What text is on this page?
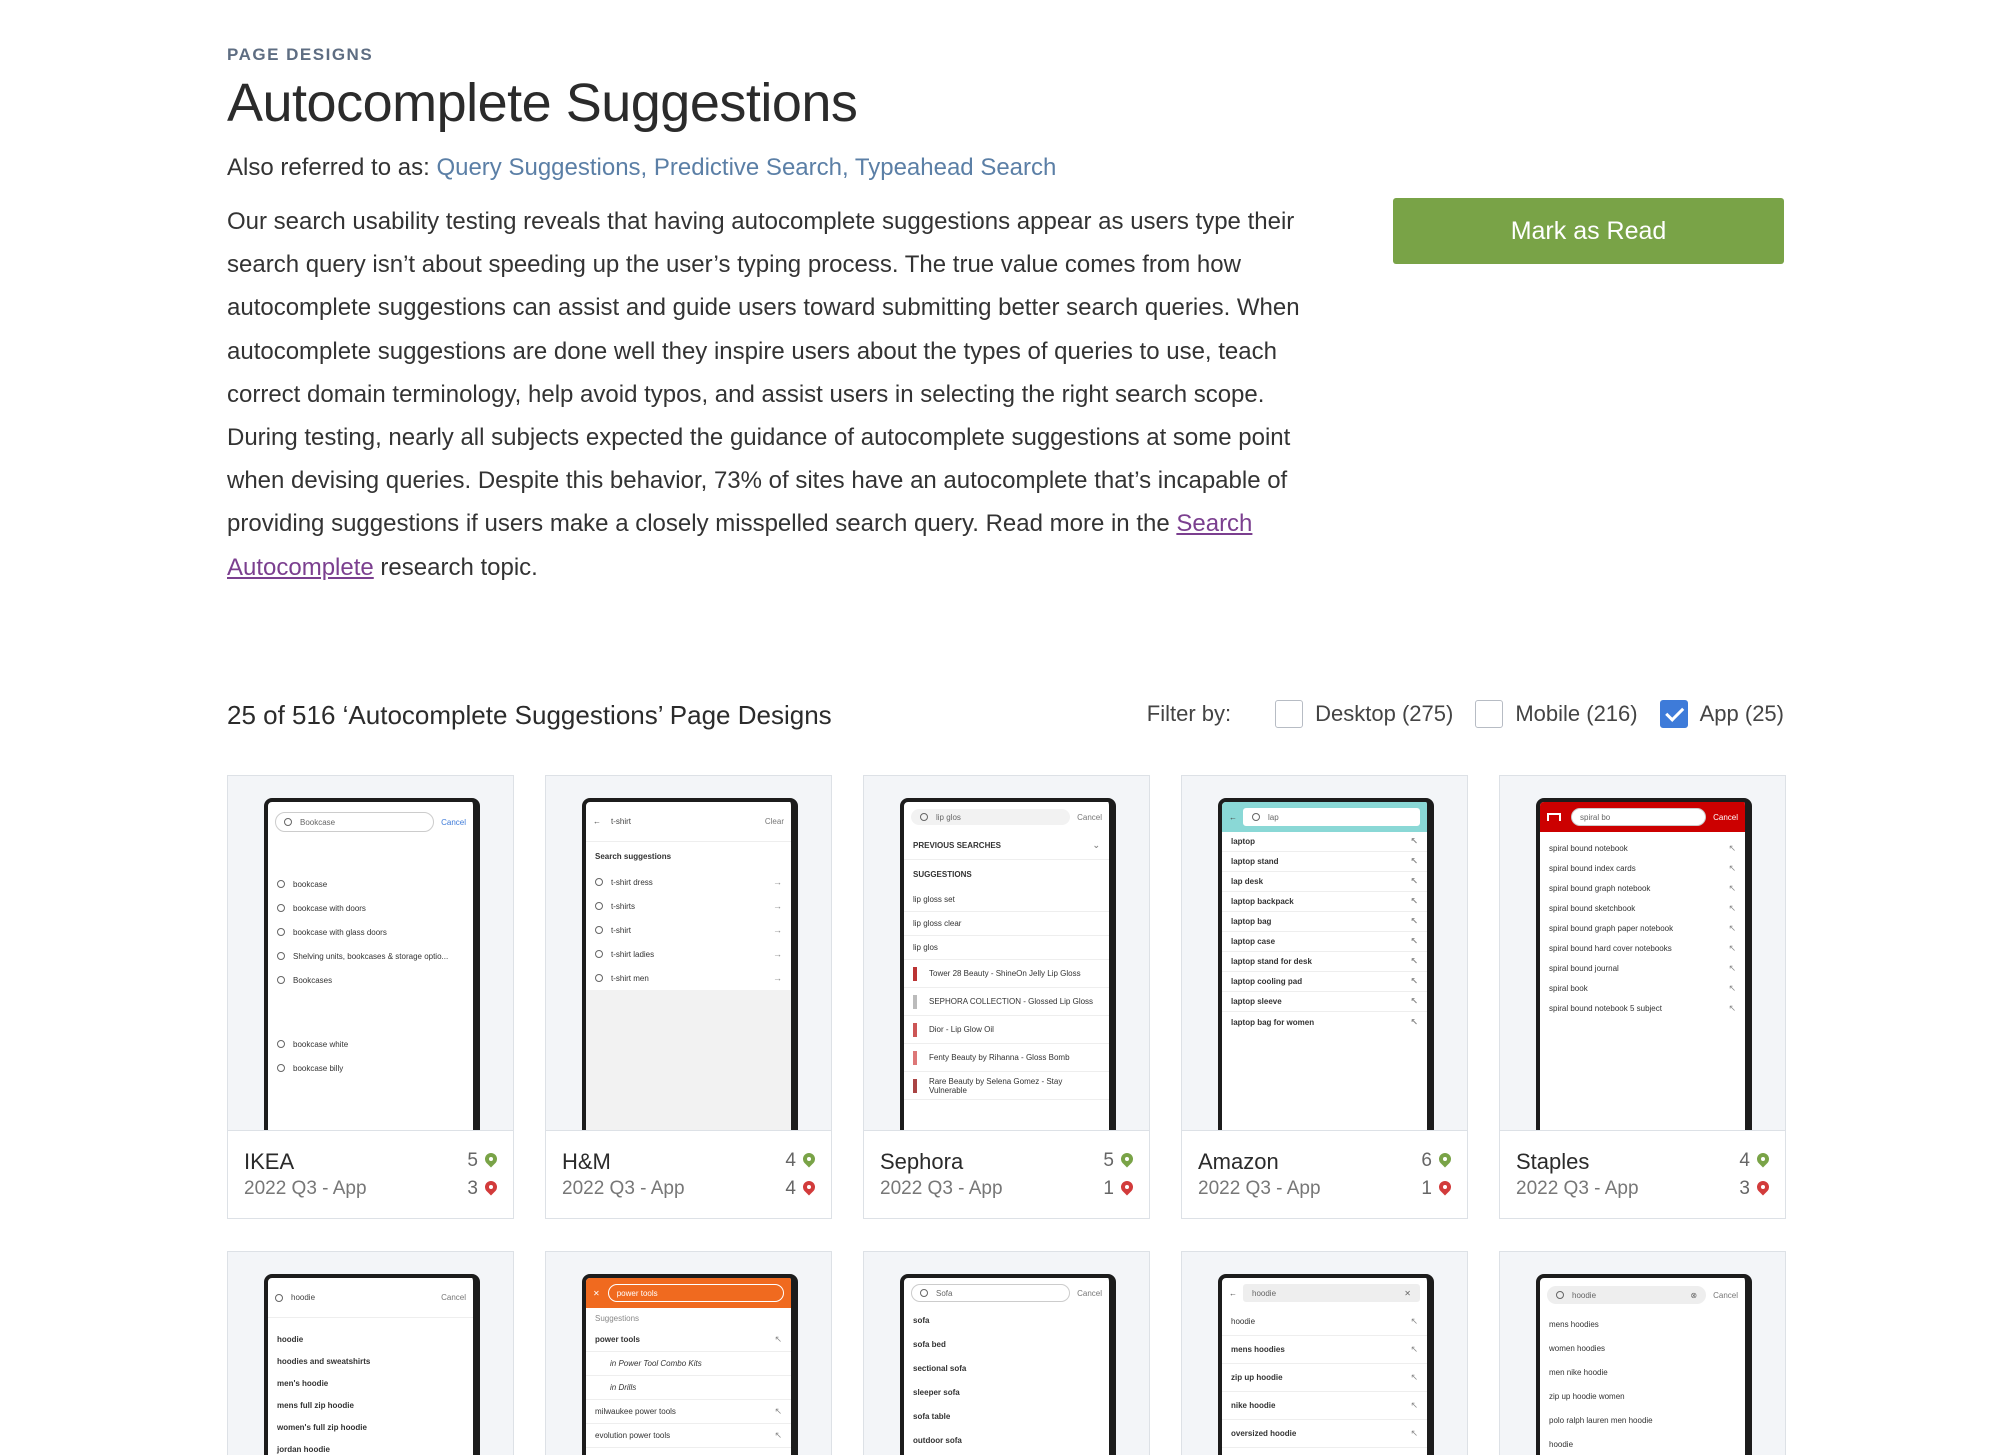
PAGE DESIGNS
Autocomplete Suggestions
Also referred to as: Query Suggestions, Predictive Search, Typeahead Search

Our search usability testing reveals that having autocomplete suggestions appear as users type their search query isn’t about speeding up the user’s typing process. The true value comes from how autocomplete suggestions can assist and guide users toward submitting better search queries. When autocomplete suggestions are done well they inspire users about the types of queries to use, teach correct domain terminology, help avoid typos, and assist users in selecting the right search scope. During testing, nearly all subjects expected the guidance of autocomplete suggestions at some point when devising queries. Despite this behavior, 73% of sites have an autocomplete that’s incapable of providing suggestions if users make a closely misspelled search query. Read more in the Search Autocomplete research topic.

Mark as Read
25 of 516 ‘Autocomplete Suggestions’ Page Designs	Filter by:	Desktop (275)	Mobile (216)	App (25)
Bookcase	Cancel
bookcase
bookcase with doors
bookcase with glass doors
Shelving units, bookcases & storage optio...
Bookcases
bookcase white
bookcase billy
IKEA
2022 Q3 - App
5
3
← t-shirt	Clear
Search suggestions
t-shirt dress	→
t-shirts	→
t-shirt	→
t-shirt ladies	→
t-shirt men	→
H&M
2022 Q3 - App
4
4
lip glos	Cancel
PREVIOUS SEARCHES	⌄
SUGGESTIONS
lip gloss set
lip gloss clear
lip glos
Tower 28 Beauty - ShineOn Jelly Lip Gloss
SEPHORA COLLECTION - Glossed Lip Gloss
Dior - Lip Glow Oil
Fenty Beauty by Rihanna - Gloss Bomb
Rare Beauty by Selena Gomez - Stay Vulnerable
Sephora
2022 Q3 - App
5
1
←	lap
laptop	↖
laptop stand	↖
lap desk	↖
laptop backpack	↖
laptop bag	↖
laptop case	↖
laptop stand for desk	↖
laptop cooling pad	↖
laptop sleeve	↖
laptop bag for women	↖
Amazon
2022 Q3 - App
6
1
spiral bo	Cancel
spiral bound notebook	↖
spiral bound index cards	↖
spiral bound graph notebook	↖
spiral bound sketchbook	↖
spiral bound graph paper notebook	↖
spiral bound hard cover notebooks	↖
spiral bound journal	↖
spiral book	↖
spiral bound notebook 5 subject	↖
Staples
2022 Q3 - App
4
3
hoodie	Cancel
hoodie
hoodies and sweatshirts
men's hoodie
mens full zip hoodie
women's full zip hoodie
jordan hoodie
✕ power tools
Suggestions
power tools	↖
in Power Tool Combo Kits
in Drills
milwaukee power tools	↖
evolution power tools	↖
Sofa	Cancel
sofa
sofa bed
sectional sofa
sleeper sofa
sofa table
outdoor sofa
← hoodie	✕
hoodie	↖
mens hoodies	↖
zip up hoodie	↖
nike hoodie	↖
oversized hoodie	↖
hoodie	⊗ Cancel
mens hoodies
women hoodies
men nike hoodie
zip up hoodie women
polo ralph lauren men hoodie
hoodie
